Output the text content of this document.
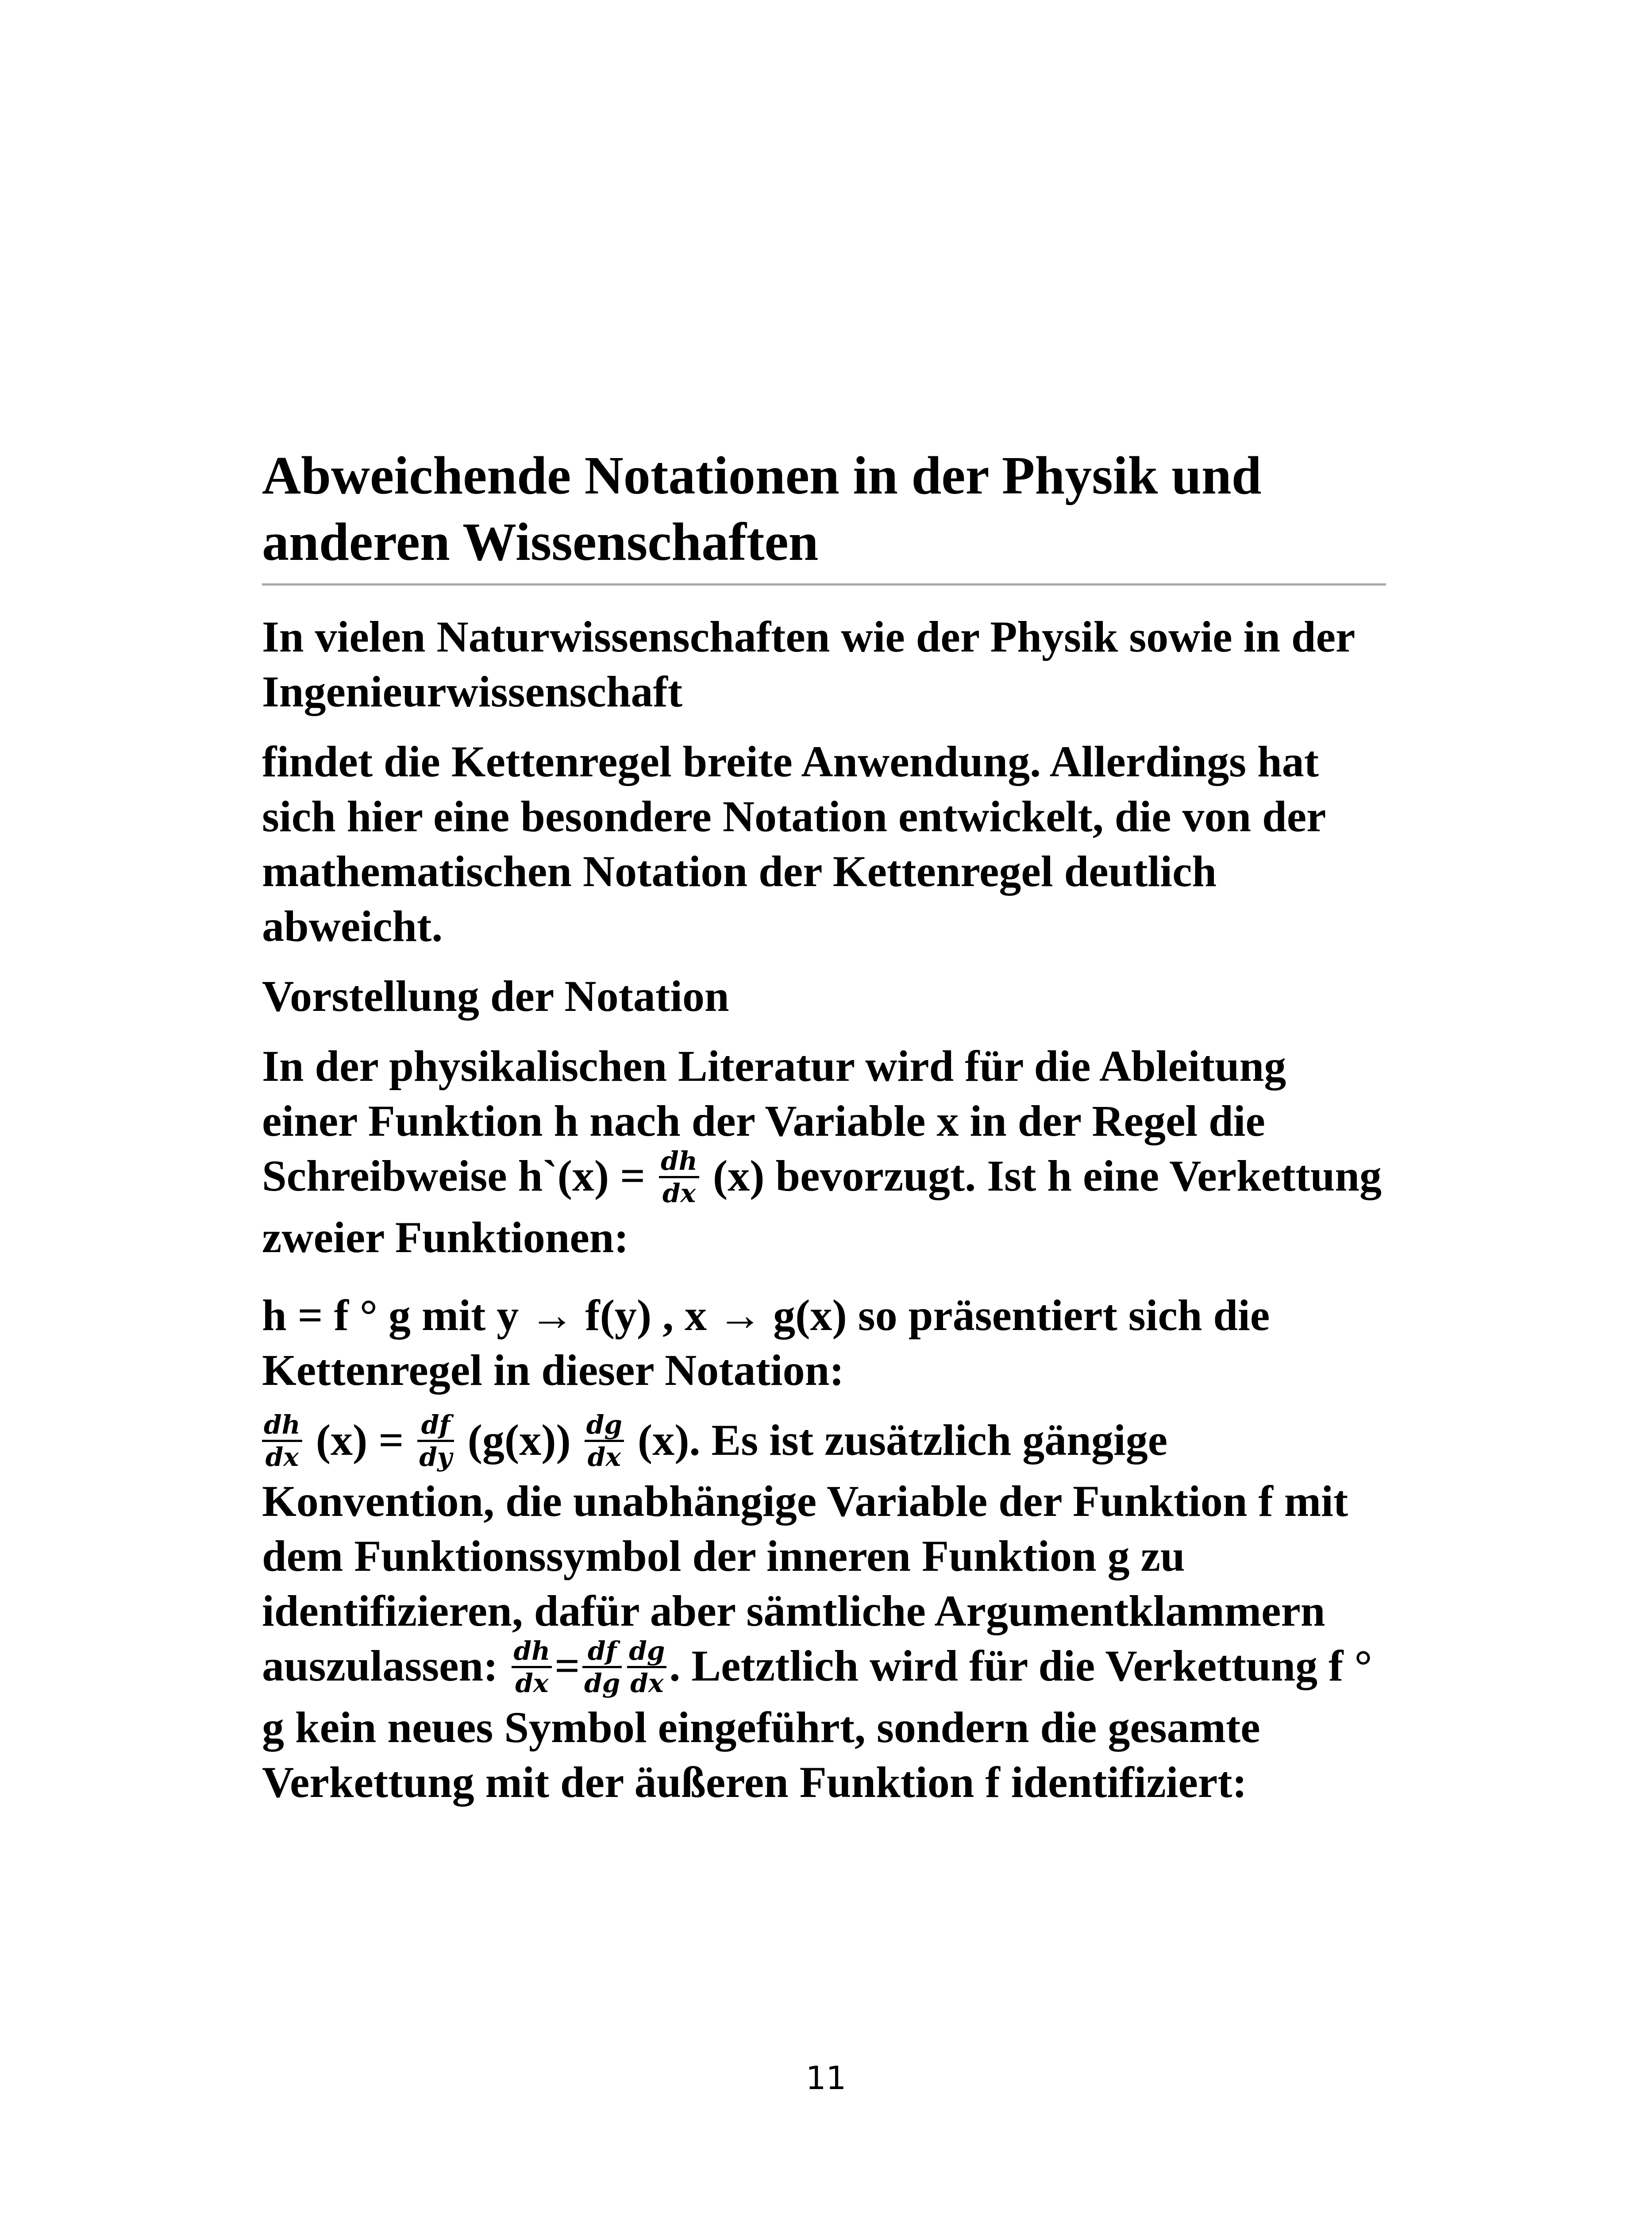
Abweichende Notationen in der Physik und
anderen Wissenschaften

In vielen Naturwissenschaften wie der Physik sowie in der Ingenieurwissenschaft

findet die Kettenregel breite Anwendung. Allerdings hat sich hier eine besondere Notation entwickelt, die von der mathematischen Notation der Kettenregel deutlich abweicht.

Vorstellung der Notation

In der physikalischen Literatur wird für die Ableitung einer Funktion h nach der Variable x in der Regel die Schreibweise h`(x) = $\frac{dh}{dx} (x)$ bevorzugt. Ist h eine Verkettung zweier Funktionen:

h = f ° g mit y → f(y) , x → g(x) so präsentiert sich die Kettenregel in dieser Notation:

$\frac{dh}{dx} (x) = \frac{df}{dy} (g(x)) \frac{dg}{dx} (x)$. Es ist zusätzlich gängige Konvention, die unabhängige Variable der Funktion f mit dem Funktionssymbol der inneren Funktion g zu identifizieren, dafür aber sämtliche Argumentklammern auszulassen: $\frac{dh}{dx} = \frac{df}{dg} \frac{dg}{dx}$ . Letztlich wird für die Verkettung f ° g kein neues Symbol eingeführt, sondern die gesamte Verkettung mit der äußeren Funktion f identifiziert:

11
